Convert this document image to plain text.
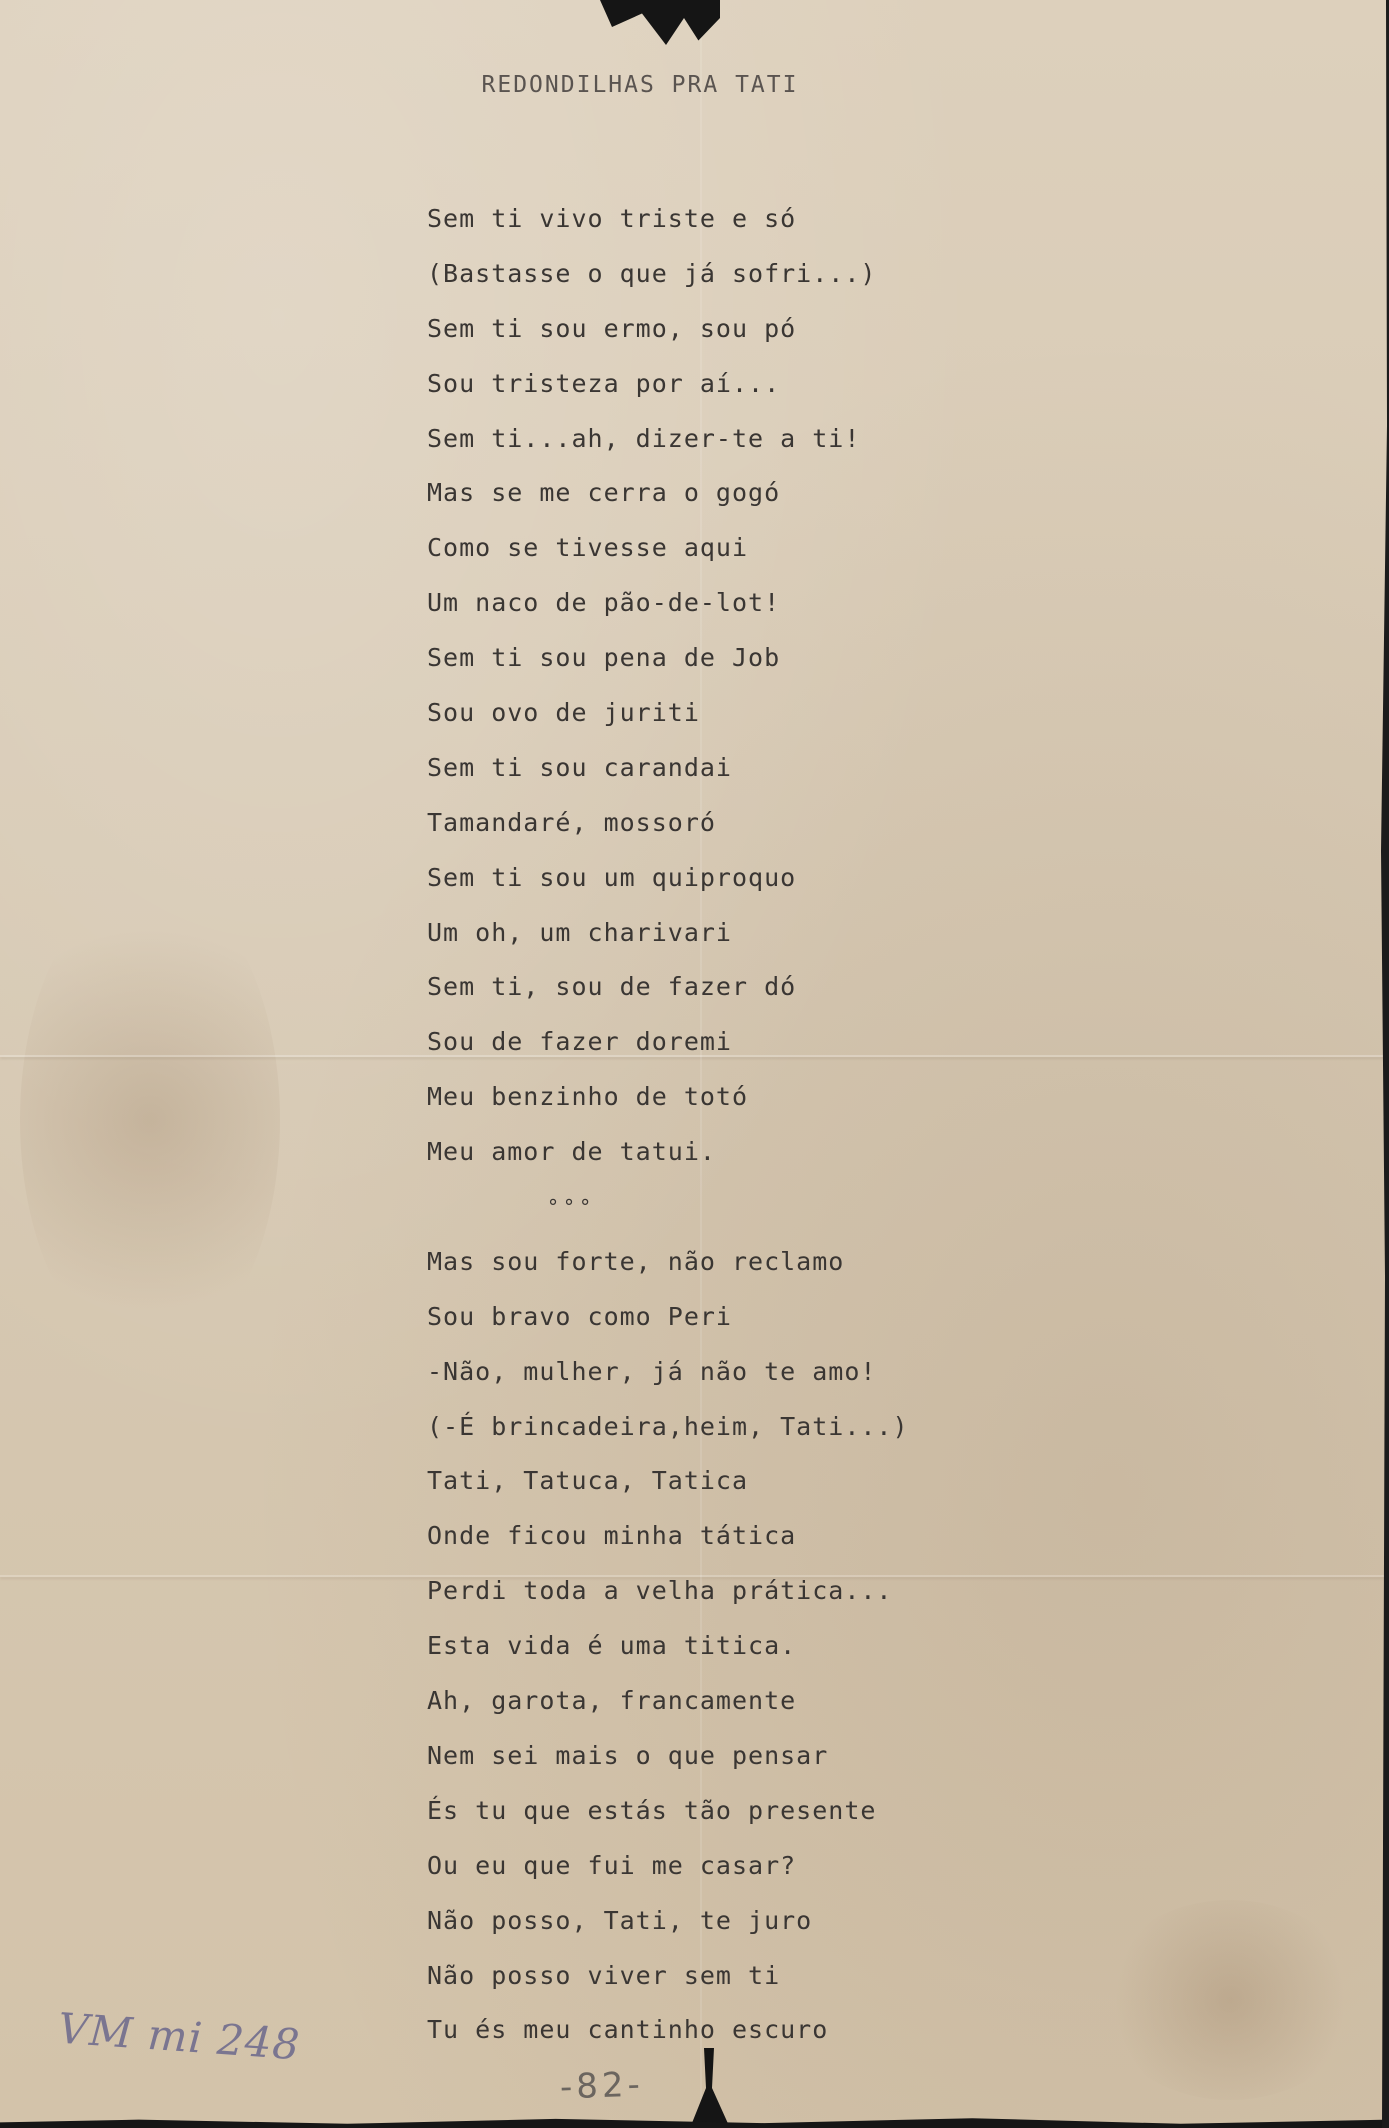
REDONDILHAS PRA TATI
Sem ti vivo triste e só
(Bastasse o que já sofri...)
Sem ti sou ermo, sou pó
Sou tristeza por aí...
Sem ti...ah, dizer-te a ti!
Mas se me cerra o gogó
Como se tivesse aqui
Um naco de pão-de-lot!
Sem ti sou pena de Job
Sou ovo de juriti
Sem ti sou carandai
Tamandaré, mossoró
Sem ti sou um quiproquo
Um oh, um charivari
Sem ti, sou de fazer dó
Sou de fazer doremi
Meu benzinho de totó
Meu amor de tatui.
°°°
Mas sou forte, não reclamo
Sou bravo como Peri
-Não, mulher, já não te amo!
(-É brincadeira,heim, Tati...)
Tati, Tatuca, Tatica
Onde ficou minha tática
Perdi toda a velha prática...
Esta vida é uma titica.
Ah, garota, francamente
Nem sei mais o que pensar
És tu que estás tão presente
Ou eu que fui me casar?
Não posso, Tati, te juro
Não posso viver sem ti
Tu és meu cantinho escuro
VM mi 248
-82-
